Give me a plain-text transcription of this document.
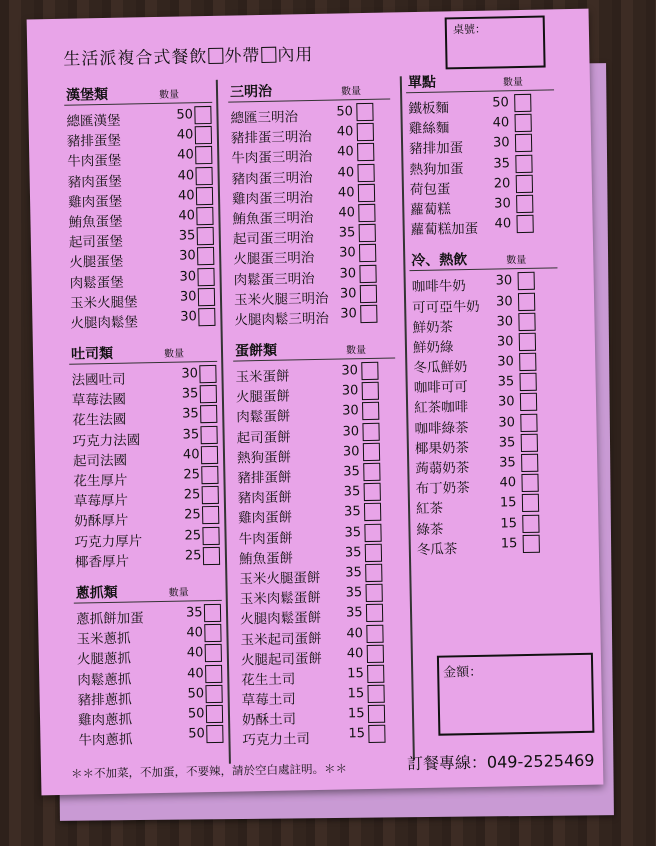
生活派複合式餐飲 外帶 內用
桌號：
漢堡類	數量
總匯漢堡	50
豬排蛋堡	40
牛肉蛋堡	40
豬肉蛋堡	40
雞肉蛋堡	40
鮪魚蛋堡	40
起司蛋堡	35
火腿蛋堡	30
肉鬆蛋堡	30
玉米火腿堡	30
火腿肉鬆堡	30
吐司類	數量
法國吐司	30
草莓法國	35
花生法國	35
巧克力法國	35
起司法國	40
花生厚片	25
草莓厚片	25
奶酥厚片	25
巧克力厚片	25
椰香厚片	25
蔥抓類	數量
蔥抓餅加蛋	35
玉米蔥抓	40
火腿蔥抓	40
肉鬆蔥抓	40
豬排蔥抓	50
雞肉蔥抓	50
牛肉蔥抓	50
三明治	數量
總匯三明治	50
豬排蛋三明治 40
牛肉蛋三明治 40
豬肉蛋三明治 40
雞肉蛋三明治 40
鮪魚蛋三明治 40
起司蛋三明治 35
火腿蛋三明治 30
肉鬆蛋三明治 30
玉米火腿三明治 30
火腿肉鬆三明治 30
蛋餅類	數量
玉米蛋餅	30
火腿蛋餅	30
肉鬆蛋餅	30
起司蛋餅	30
熱狗蛋餅	30
豬排蛋餅	35
豬肉蛋餅	35
雞肉蛋餅	35
牛肉蛋餅	35
鮪魚蛋餅	35
玉米火腿蛋餅 35
玉米肉鬆蛋餅 35
火腿肉鬆蛋餅 35
玉米起司蛋餅 40
火腿起司蛋餅 40
花生土司	15
草莓土司	15
奶酥土司	15
巧克力土司	15
單點	數量
鐵板麵	50
雞絲麵	40
豬排加蛋 30
熱狗加蛋 35
荷包蛋	20
蘿蔔糕	30
蘿蔔糕加蛋 40
冷、熱飲	數量
咖啡牛奶 30
可可亞牛奶 30
鮮奶茶	30
鮮奶綠	30
冬瓜鮮奶 30
咖啡可可 35
紅茶咖啡 30
咖啡綠茶 30
椰果奶茶 35
蒟蒻奶茶 35
布丁奶茶 40
紅茶	15
綠茶	15
冬瓜茶	15
金額：
＊＊不加菜，不加蛋，不要辣，請於空白處註明。＊＊	訂餐專線：049-2525469
